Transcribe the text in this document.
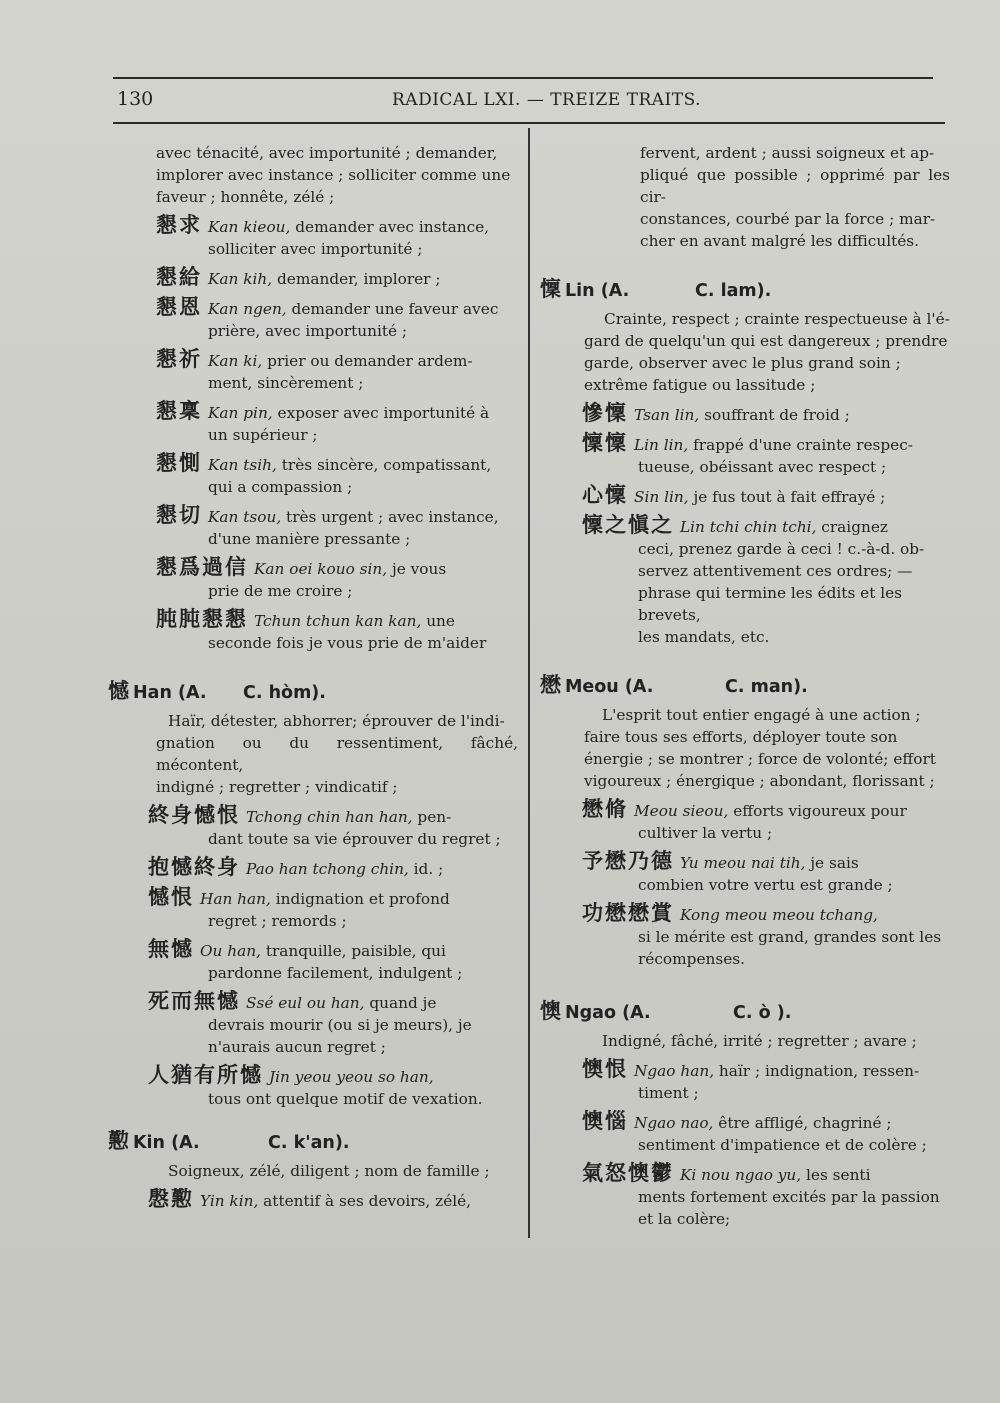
130	RADICAL LXI. — TREIZE TRAITS.
avec ténacité, avec importunité ; demander,
implorer avec instance ; solliciter comme une
faveur ; honnête, zélé ;
懇求 Kan kieou, demander avec instance,
solliciter avec importunité ;
懇給 Kan kih, demander, implorer ;
懇恩 Kan ngen, demander une faveur avec
prière, avec importunité ;
懇祈 Kan ki, prier ou demander ardem-
ment, sincèrement ;
懇稟 Kan pin, exposer avec importunité à
un supérieur ;
懇惻 Kan tsih, très sincère, compatissant,
qui a compassion ;
懇切 Kan tsou, très urgent ; avec instance,
d'une manière pressante ;
懇爲過信 Kan oei kouo sin, je vous
prie de me croire ;
肫肫懇懇 Tchun tchun kan kan, une
seconde fois je vous prie de m'aider
憾 Han (A.	C. hòm).
Haïr, détester, abhorrer; éprouver de l'indi-
gnation ou du ressentiment, fâché, mécontent,
indigné ; regretter ; vindicatif ;
終身憾恨 Tchong chin han han, pen-
dant toute sa vie éprouver du regret ;
抱憾終身 Pao han tchong chin, id. ;
憾恨 Han han, indignation et profond
regret ; remords ;
無憾 Ou han, tranquille, paisible, qui
pardonne facilement, indulgent ;
死而無憾 Ssé eul ou han, quand je
devrais mourir (ou si je meurs), je
n'aurais aucun regret ;
人猶有所憾 Jin yeou yeou so han,
tous ont quelque motif de vexation.
懃 Kin (A.	C. k'an).
Soigneux, zélé, diligent ; nom de famille ;
慇懃 Yin kin, attentif à ses devoirs, zélé,
fervent, ardent ; aussi soigneux et ap-
pliqué que possible ; opprimé par les cir-
constances, courbé par la force ; mar-
cher en avant malgré les difficultés.
懍 Lin (A.	C. lam).
Crainte, respect ; crainte respectueuse à l'é-
gard de quelqu'un qui est dangereux ; prendre
garde, observer avec le plus grand soin ;
extrême fatigue ou lassitude ;
慘懍 Tsan lin, souffrant de froid ;
懍懍 Lin lin, frappé d'une crainte respec-
tueuse, obéissant avec respect ;
心懍 Sin lin, je fus tout à fait effrayé ;
懍之愼之 Lin tchi chin tchi, craignez
ceci, prenez garde à ceci ! c.-à-d. ob-
servez attentivement ces ordres; —
phrase qui termine les édits et les brevets,
les mandats, etc.
懋 Meou (A.	C. man).
L'esprit tout entier engagé à une action ;
faire tous ses efforts, déployer toute son
énergie ; se montrer ; force de volonté; effort
vigoureux ; énergique ; abondant, florissant ;
懋脩 Meou sieou, efforts vigoureux pour
cultiver la vertu ;
予懋乃德 Yu meou nai tih, je sais
combien votre vertu est grande ;
功懋懋賞 Kong meou meou tchang,
si le mérite est grand, grandes sont les
récompenses.
懊 Ngao (A.	C. ò ).
Indigné, fâché, irrité ; regretter ; avare ;
懊恨 Ngao han, haïr ; indignation, ressen-
timent ;
懊惱 Ngao nao, être affligé, chagriné ;
sentiment d'impatience et de colère ;
氣怒懊鬱 Ki nou ngao yu, les senti
ments fortement excités par la passion
et la colère;
